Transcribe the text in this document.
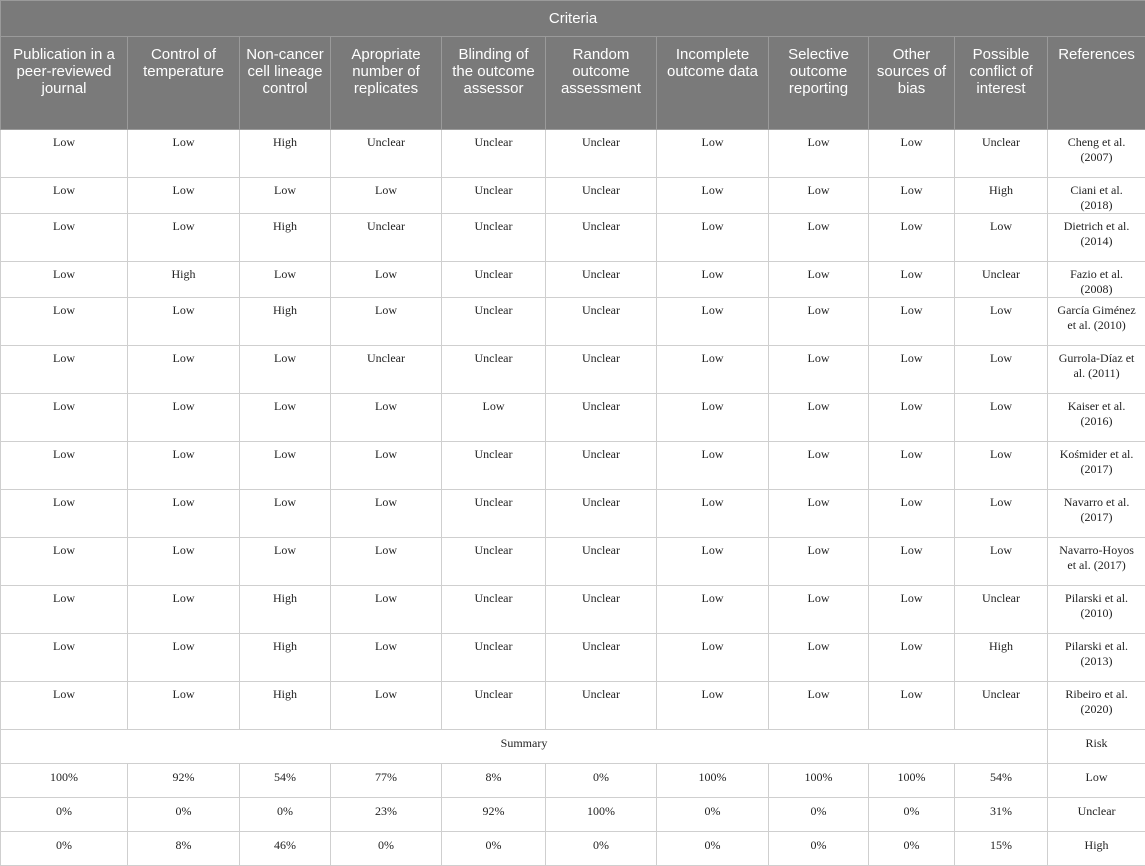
Criteria										
Publication in a peer-reviewed journal	Control of temperature	Non-cancer cell lineage control	Apropriate number of replicates	Blinding of the outcome assessor	Random outcome assessment	Incomplete outcome data	Selective outcome reporting	Other sources of bias	Possible conflict of interest	References
Low	Low	High	Unclear	Unclear	Unclear	Low	Low	Low	Unclear	Cheng et al. (2007)
Low	Low	Low	Low	Unclear	Unclear	Low	Low	Low	High	Ciani et al. (2018)
Low	Low	High	Unclear	Unclear	Unclear	Low	Low	Low	Low	Dietrich et al. (2014)
Low	High	Low	Low	Unclear	Unclear	Low	Low	Low	Unclear	Fazio et al. (2008)
Low	Low	High	Low	Unclear	Unclear	Low	Low	Low	Low	García Giménez et al. (2010)
Low	Low	Low	Unclear	Unclear	Unclear	Low	Low	Low	Low	Gurrola-Díaz et al. (2011)
Low	Low	Low	Low	Low	Unclear	Low	Low	Low	Low	Kaiser et al. (2016)
Low	Low	Low	Low	Unclear	Unclear	Low	Low	Low	Low	Kośmider et al. (2017)
Low	Low	Low	Low	Unclear	Unclear	Low	Low	Low	Low	Navarro et al. (2017)
Low	Low	Low	Low	Unclear	Unclear	Low	Low	Low	Low	Navarro-Hoyos et al. (2017)
Low	Low	High	Low	Unclear	Unclear	Low	Low	Low	Unclear	Pilarski et al. (2010)
Low	Low	High	Low	Unclear	Unclear	Low	Low	Low	High	Pilarski et al. (2013)
Low	Low	High	Low	Unclear	Unclear	Low	Low	Low	Unclear	Ribeiro et al. (2020)
Summary										Risk
100%	92%	54%	77%	8%	0%	100%	100%	100%	54%	Low
0%	0%	0%	23%	92%	100%	0%	0%	0%	31%	Unclear
0%	8%	46%	0%	0%	0%	0%	0%	0%	15%	High
